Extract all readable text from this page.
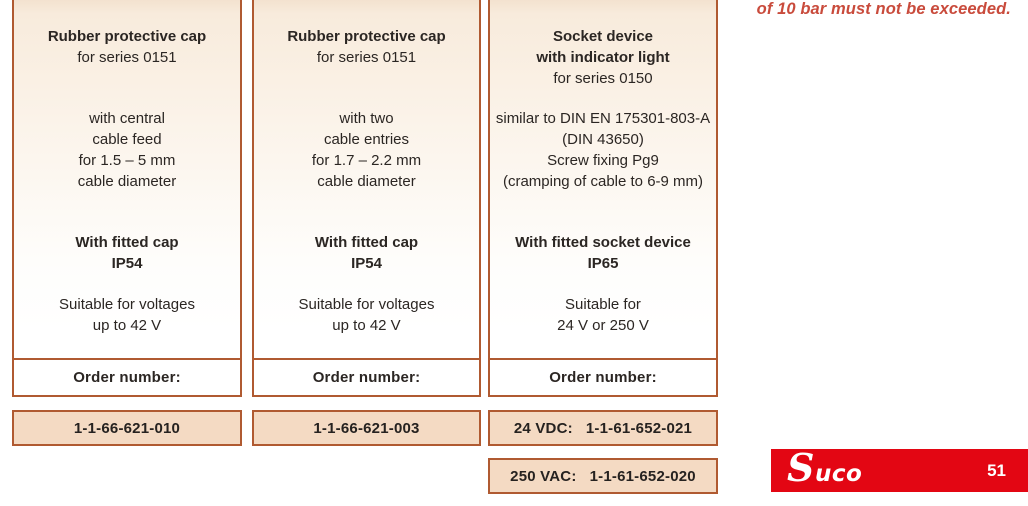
Rubber protective cap
for series 0151
with central
cable feed
for 1.5 – 5 mm
cable diameter
With fitted cap
IP54
Suitable for voltages
up to 42 V
Order number:
1-1-66-621-010
Rubber protective cap
for series 0151
with two
cable entries
for 1.7 – 2.2 mm
cable diameter
With fitted cap
IP54
Suitable for voltages
up to 42 V
Order number:
1-1-66-621-003
Socket device
with indicator light
for series 0150
similar to DIN EN 175301-803-A
(DIN 43650)
Screw fixing Pg9
(cramping of cable to 6-9 mm)
With fitted socket device
IP65
Suitable for
24 V or 250 V
Order number:
24 VDC:   1-1-61-652-021
250 VAC:   1-1-61-652-020
of 10 bar must not be exceeded.
Suco	51
